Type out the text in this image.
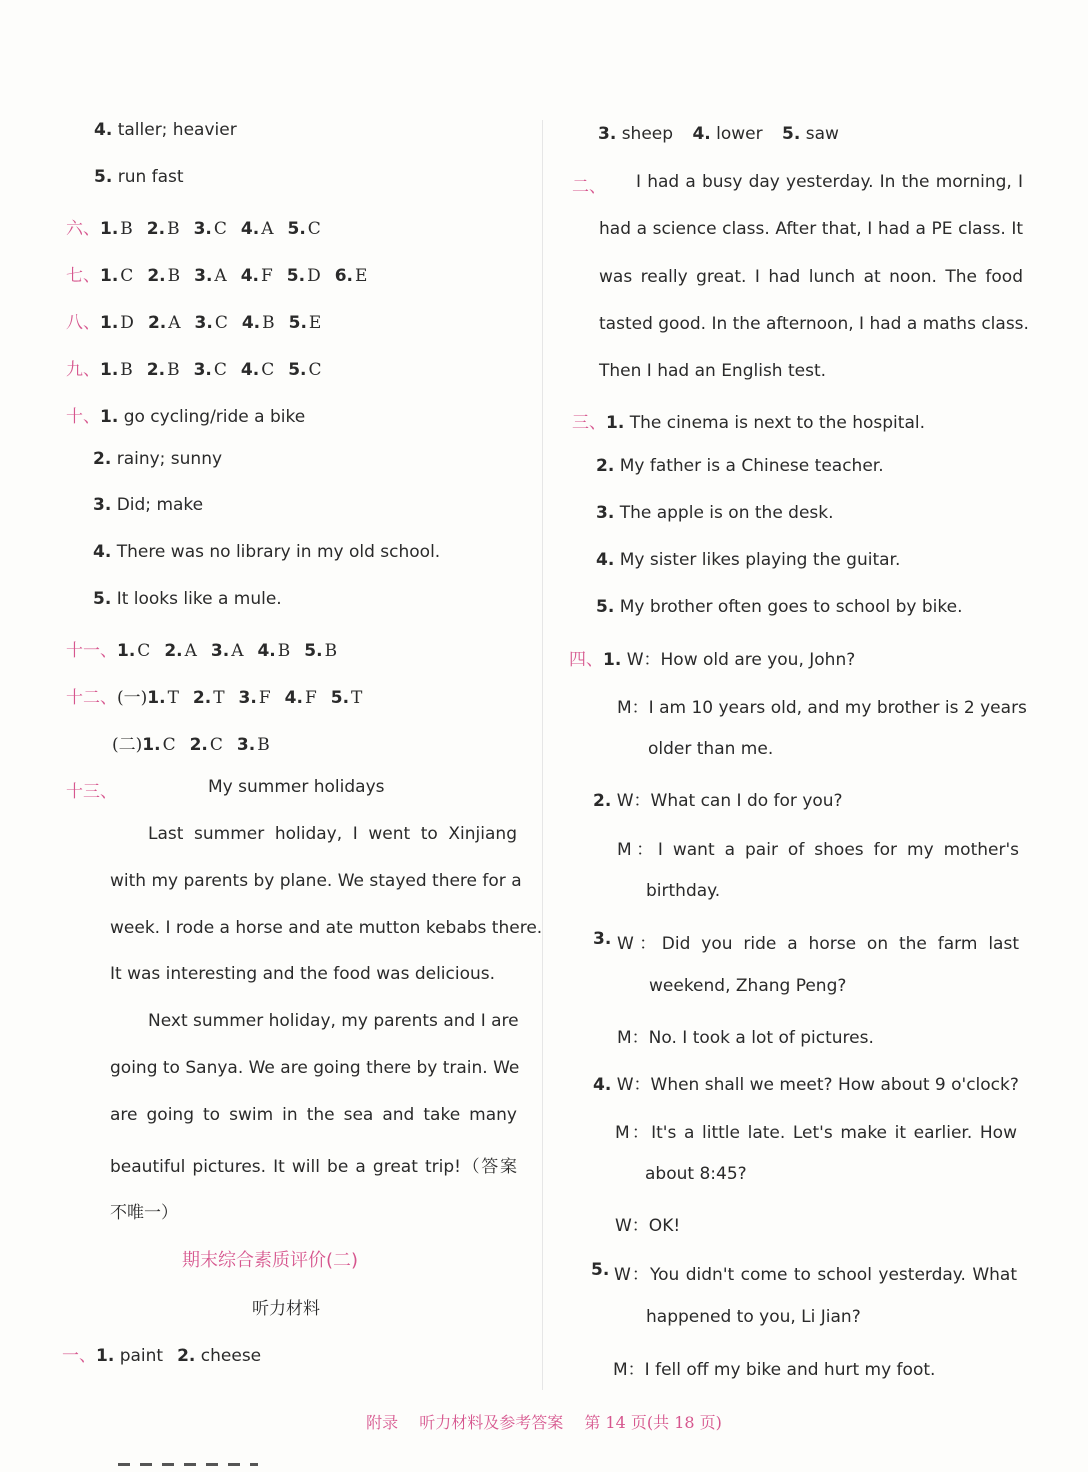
4. taller; heavier
5. run fast
六、1. B 2. B 3. C 4. A 5. C
七、1. C 2. B 3. A 4. F 5. D 6. E
八、1. D 2. A 3. C 4. B 5. E
九、1. B 2. B 3. C 4. C 5. C
十、1. go cycling/ride a bike
2. rainy; sunny
3. Did; make
4. There was no library in my old school.
5. It looks like a mule.
十一、1. C 2. A 3. A 4. B 5. B
十二、(一)1. T 2. T 3. F 4. F 5. T
(二)1. C 2. C 3. B
十三、	My summer holidays
Last summer holiday, I went to Xinjiang
with my parents by plane. We stayed there for a
week. I rode a horse and ate mutton kebabs there.
It was interesting and the food was delicious.
Next summer holiday, my parents and I are
going to Sanya. We are going there by train. We
are going to swim in the sea and take many
beautiful pictures. It will be a great trip!（答案
不唯一）
期末综合素质评价(二)
听力材料
一、1. paint 2. cheese
3. sheep 4. lower 5. saw
二、 I had a busy day yesterday. In the morning, I
had a science class. After that, I had a PE class. It
was really great. I had lunch at noon. The food
tasted good. In the afternoon, I had a maths class.
Then I had an English test.
三、1. The cinema is next to the hospital.
2. My father is a Chinese teacher.
3. The apple is on the desk.
4. My sister likes playing the guitar.
5. My brother often goes to school by bike.
四、1. W：How old are you, John?
M：I am 10 years old, and my brother is 2 years
older than me.
2. W：What can I do for you?
M：I want a pair of shoes for my mother's
birthday.
3. W：Did you ride a horse on the farm last
weekend, Zhang Peng?
M：No. I took a lot of pictures.
4. W：When shall we meet? How about 9 o'clock?
M：It's a little late. Let's make it earlier. How
about 8:45?
W：OK!
5. W：You didn't come to school yesterday. What
happened to you, Li Jian?
M：I fell off my bike and hurt my foot.
附录 听力材料及参考答案 第 14 页(共 18 页)
